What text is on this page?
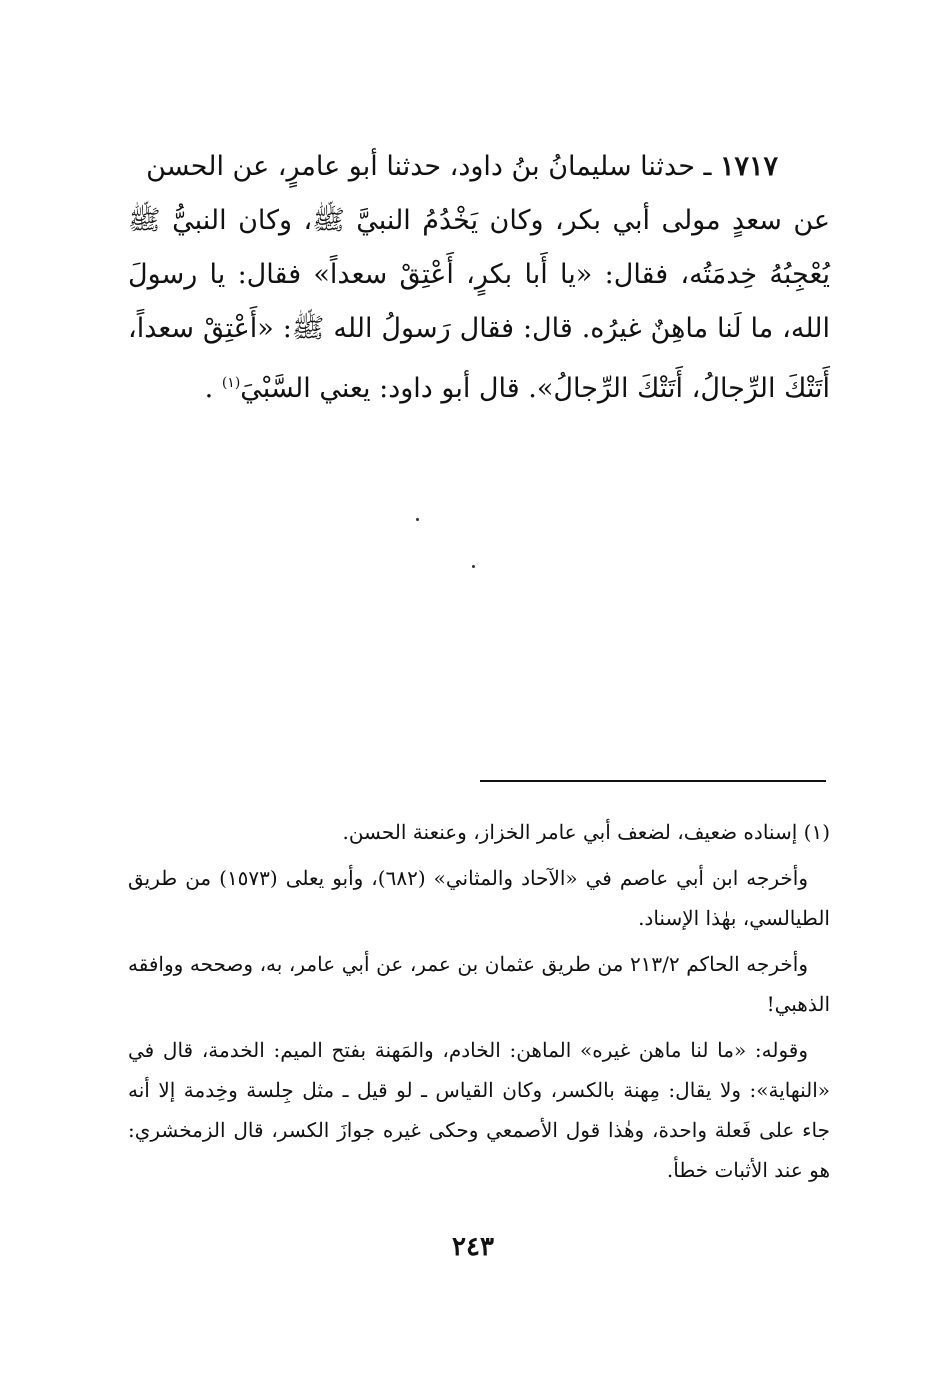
١٧١٧ ـ حدثنا سليمانُ بنُ داود، حدثنا أبو عامرٍ، عن الحسن

عن سعدٍ مولى أبي بكر، وكان يَخْدُمُ النبيَّ ﷺ، وكان النبيُّ ﷺ يُعْجِبُهُ خِدمَتُه، فقال: «يا أَبا بكرٍ، أَعْتِقْ سعداً» فقال: يا رسولَ الله، ما لَنا ماهِنٌ غيرُه. قال: فقال رَسولُ الله ﷺ: «أَعْتِقْ سعداً، أَتَتْكَ الرِّجالُ، أَتَتْكَ الرِّجالُ». قال أبو داود: يعني السَّبْيَ$^{(١)}$ .

(١) إسناده ضعيف، لضعف أبي عامر الخزاز، وعنعنة الحسن.

وأخرجه ابن أبي عاصم في «الآحاد والمثاني» (٦٨٢)، وأبو يعلى (١٥٧٣) من طريق الطيالسي، بهٰذا الإسناد.

وأخرجه الحاكم ٢١٣/٢ من طريق عثمان بن عمر، عن أبي عامر، به، وصححه ووافقه الذهبي!

وقوله: «ما لنا ماهن غيره» الماهن: الخادم، والمَهنة بفتح الميم: الخدمة، قال في «النهاية»: ولا يقال: مِهنة بالكسر، وكان القياس ـ لو قيل ـ مثل جِلسة وخِدمة إلا أنه جاء على فَعلة واحدة، وهٰذا قول الأصمعي وحكى غيره جوازَ الكسر، قال الزمخشري: هو عند الأثبات خطأ.

٢٤٣
